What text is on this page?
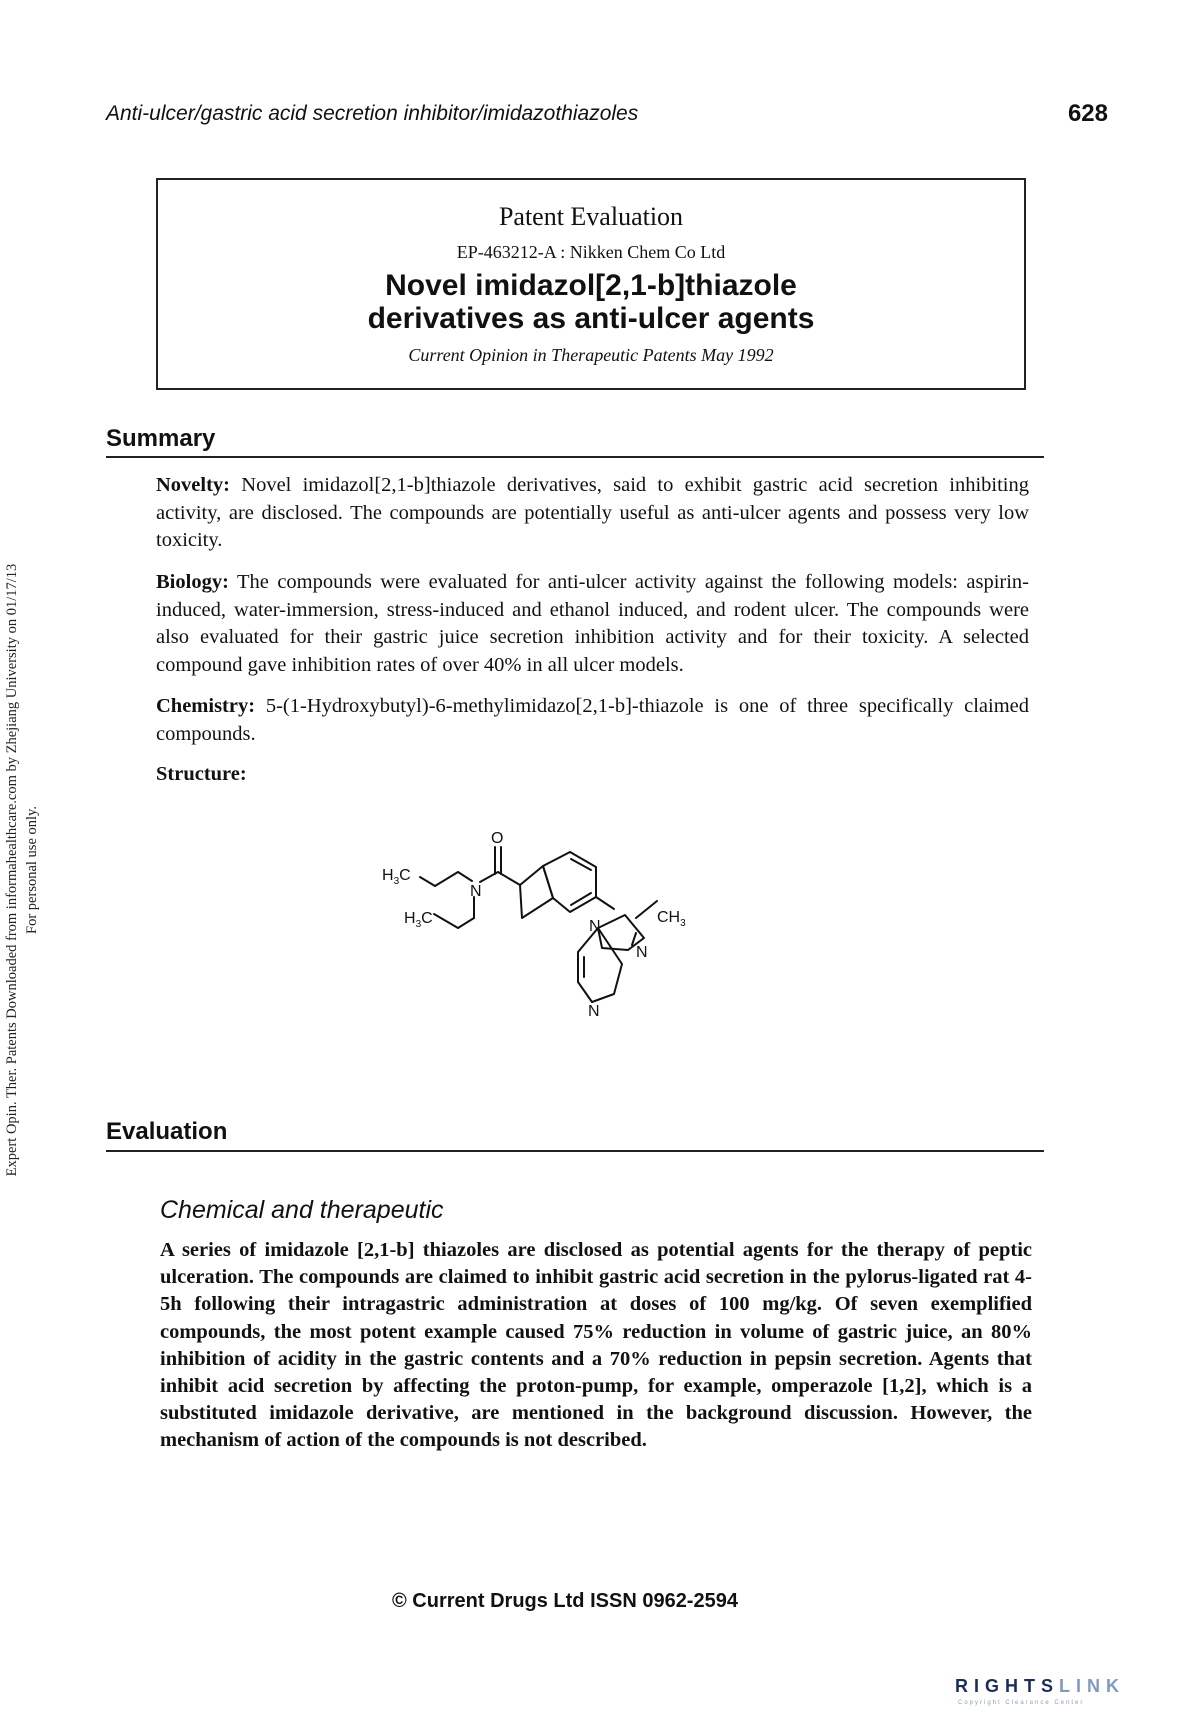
Anti-ulcer/gastric acid secretion inhibitor/imidazothiazoles	628
Expert Opin. Ther. Patents Downloaded from informahealthcare.com by Zhejiang University on 01/17/13 For personal use only.
Patent Evaluation
EP-463212-A : Nikken Chem Co Ltd
Novel imidazol[2,1-b]thiazole
derivatives as anti-ulcer agents
Current Opinion in Therapeutic Patents May 1992
Summary

Novelty: Novel imidazol[2,1-b]thiazole derivatives, said to exhibit gastric acid secretion inhibiting activity, are disclosed. The compounds are potentially useful as anti-ulcer agents and possess very low toxicity.

Biology: The compounds were evaluated for anti-ulcer activity against the following models: aspirin-induced, water-immersion, stress-induced and ethanol induced, and rodent ulcer. The compounds were also evaluated for their gastric juice secretion inhibition activity and for their toxicity. A selected compound gave inhibition rates of over 40% in all ulcer models.

Chemistry: 5-(1-Hydroxybutyl)-6-methylimidazo[2,1-b]-thiazole is one of three specifically claimed compounds.

Structure:

O
N
$H_3C$
$H_3C$	N
N
$CH_3$
N
Evaluation
Chemical and therapeutic

A series of imidazole [2,1-b] thiazoles are disclosed as potential agents for the therapy of peptic ulceration. The compounds are claimed to inhibit gastric acid secretion in the pylorus-ligated rat 4-5h following their intragastric administration at doses of 100 mg/kg. Of seven exemplified compounds, the most potent example caused 75% reduction in volume of gastric juice, an 80% inhibition of acidity in the gastric contents and a 70% reduction in pepsin secretion. Agents that inhibit acid secretion by affecting the proton-pump, for example, omperazole [1,2], which is a substituted imidazole derivative, are mentioned in the background discussion. However, the mechanism of action of the compounds is not described.

© Current Drugs Ltd ISSN 0962-2594
RIGHTSLINK
Copyright Clearance Center
